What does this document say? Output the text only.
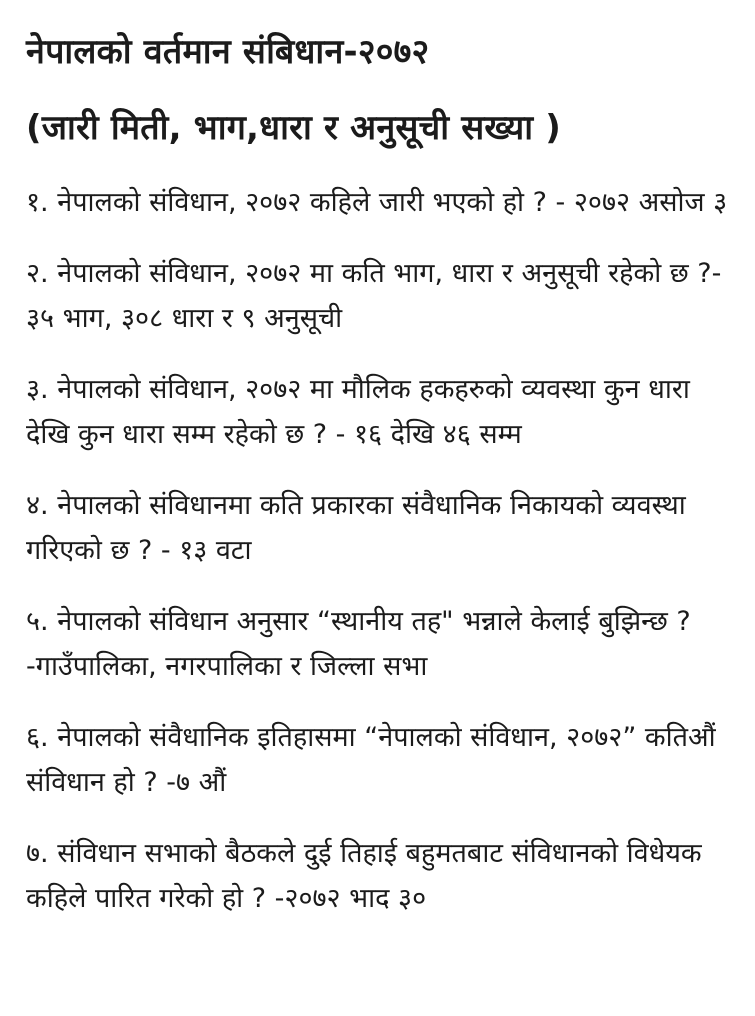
नेपालको वर्तमान संबिधान-२०७२
(जारी मिती, भाग,धारा र अनुसूची सख्या )

१. नेपालको संविधान, २०७२ कहिले जारी भएको हो ? - २०७२ असोज ३

२. नेपालको संविधान, २०७२ मा कति भाग, धारा र अनुसूची रहेको छ ?- ३५ भाग, ३०८ धारा र ९ अनुसूची

३. नेपालको संविधान, २०७२ मा मौलिक हकहरुको व्यवस्था कुन धारा देखि कुन धारा सम्म रहेको छ ? - १६ देखि ४६ सम्म

४. नेपालको संविधानमा कति प्रकारका संवैधानिक निकायको व्यवस्था गरिएको छ ? - १३ वटा

५. नेपालको संविधान अनुसार “स्थानीय तह" भन्नाले केलाई बुझिन्छ ? -गाउँपालिका, नगरपालिका र जिल्ला सभा

६. नेपालको संवैधानिक इतिहासमा “नेपालको संविधान, २०७२” कतिऔं संविधान हो ? -७ औं

७. संविधान सभाको बैठकले दुई तिहाई बहुमतबाट संविधानको विधेयक कहिले पारित गरेको हो ? -२०७२ भाद ३०
